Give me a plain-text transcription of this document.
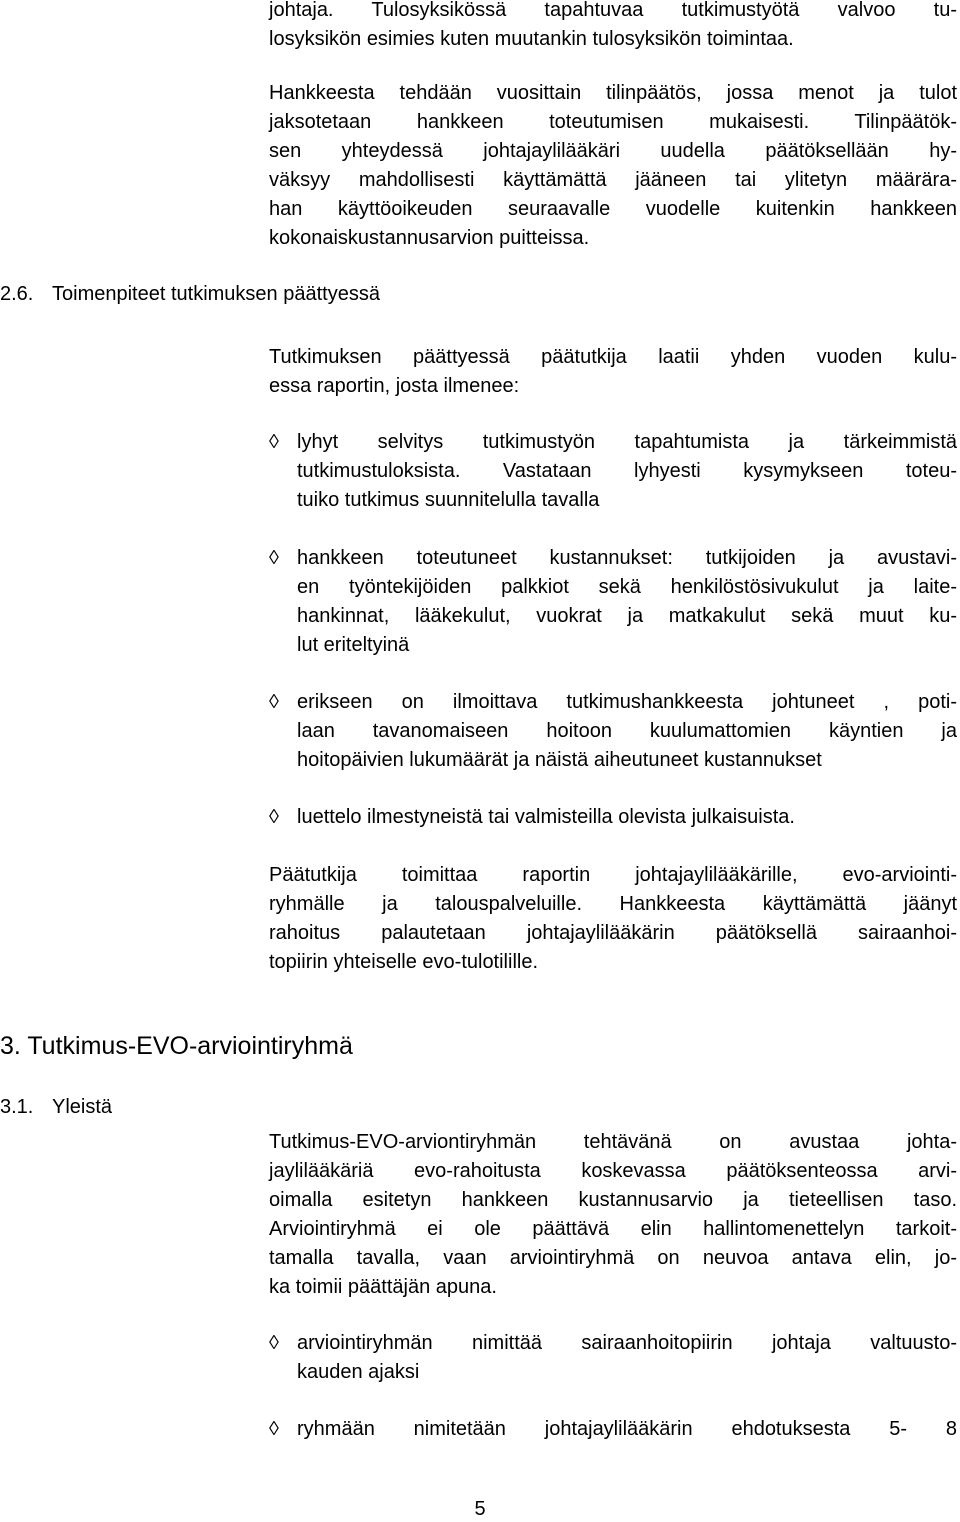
johtaja. Tulosyksikössä tapahtuvaa tutkimustyötä valvoo tu-
losyksikön esimies kuten muutankin tulosyksikön toimintaa.
Hankkeesta tehdään vuosittain tilinpäätös, jossa menot ja tulot
jaksotetaan hankkeen toteutumisen mukaisesti. Tilinpäätök-
sen yhteydessä johtajaylilääkäri uudella päätöksellään hy-
väksyy mahdollisesti käyttämättä jääneen tai ylitetyn määrära-
han käyttöoikeuden seuraavalle vuodelle kuitenkin hankkeen
kokonaiskustannusarvion puitteissa.
2.6. Toimenpiteet tutkimuksen päättyessä
Tutkimuksen päättyessä päätutkija laatii yhden vuoden kulu-
essa raportin, josta ilmenee:
◊ lyhyt selvitys tutkimustyön tapahtumista ja tärkeimmistä
tutkimustuloksista. Vastataan lyhyesti kysymykseen toteu-
tuiko tutkimus suunnitelulla tavalla
◊ hankkeen toteutuneet kustannukset: tutkijoiden ja avustavi-
en työntekijöiden palkkiot sekä henkilöstösivukulut ja laite-
hankinnat, lääkekulut, vuokrat ja matkakulut sekä muut ku-
lut eriteltyinä
◊ erikseen on ilmoittava tutkimushankkeesta johtuneet , poti-
laan tavanomaiseen hoitoon kuulumattomien käyntien ja
hoitopäivien lukumäärät ja näistä aiheutuneet kustannukset
◊ luettelo ilmestyneistä tai valmisteilla olevista julkaisuista.
Päätutkija toimittaa raportin johtajaylilääkärille, evo-arviointi-
ryhmälle ja talouspalveluille. Hankkeesta käyttämättä jäänyt
rahoitus palautetaan johtajaylilääkärin päätöksellä sairaanhoi-
topiirin yhteiselle evo-tulotilille.
3. Tutkimus-EVO-arviointiryhmä
3.1. Yleistä
Tutkimus-EVO-arviontiryhmän tehtävänä on avustaa johta-
jaylilääkäriä evo-rahoitusta koskevassa päätöksenteossa arvi-
oimalla esitetyn hankkeen kustannusarvio ja tieteellisen taso.
Arviointiryhmä ei ole päättävä elin hallintomenettelyn tarkoit-
tamalla tavalla, vaan arviointiryhmä on neuvoa antava elin, jo-
ka toimii päättäjän apuna.
◊ arviointiryhmän nimittää sairaanhoitopiirin johtaja valtuusto-
kauden ajaksi
◊ ryhmään nimitetään johtajaylilääkärin ehdotuksesta 5- 8
5
